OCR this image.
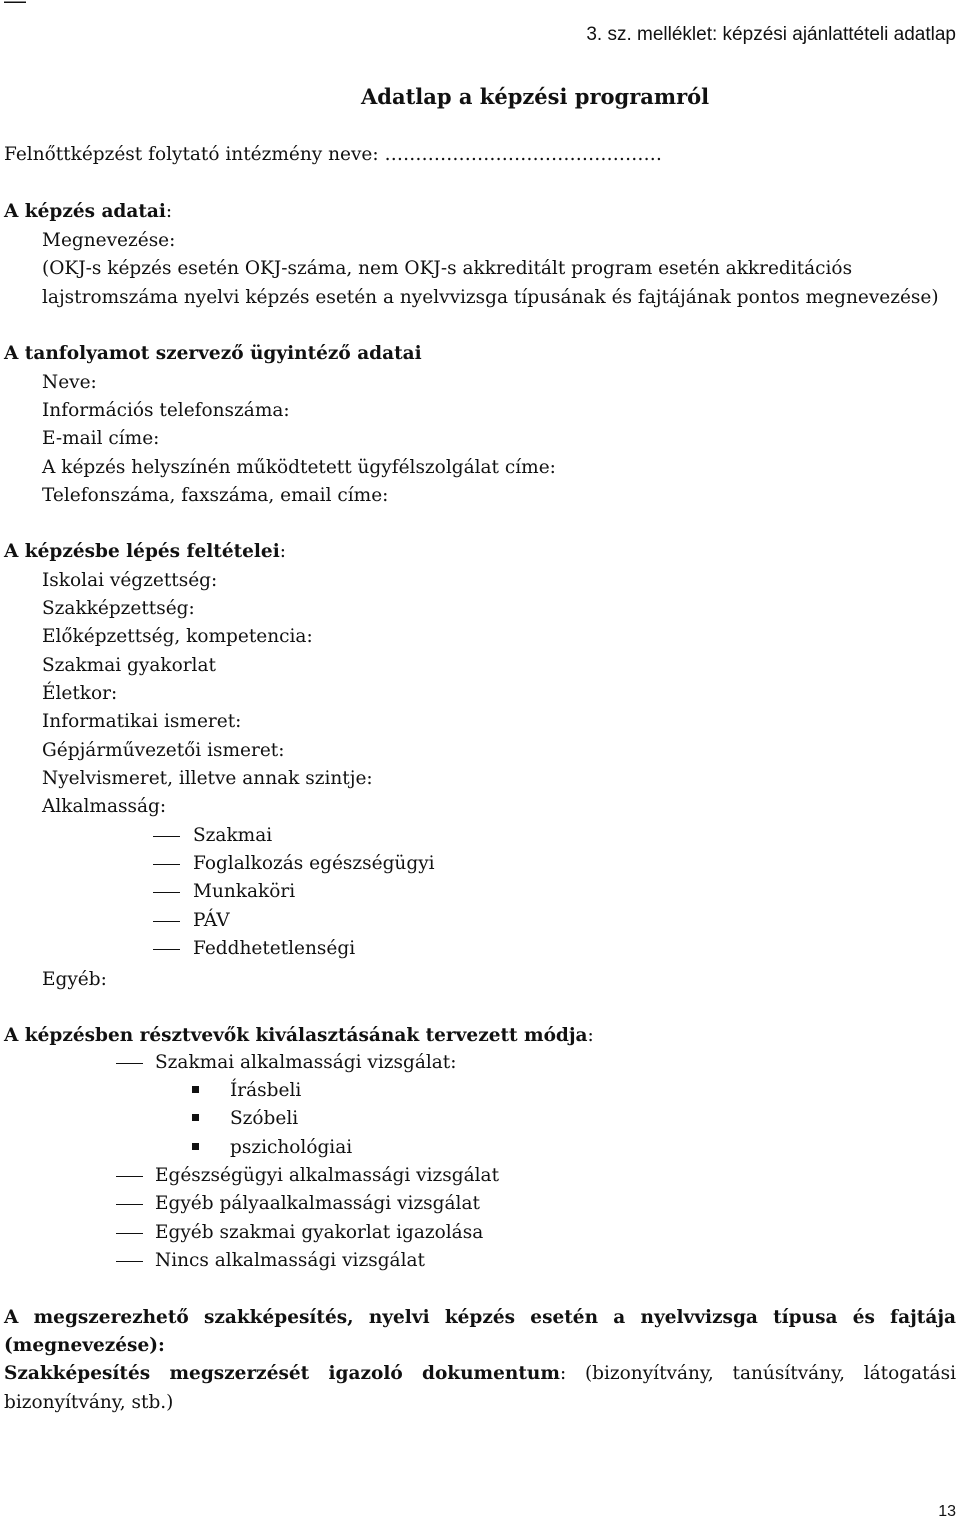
—
3. sz. melléklet: képzési ajánlattételi adatlap
Adatlap a képzési programról
Felnőttképzést folytató intézmény neve: ………………………………………
A képzés adatai:
Megnevezése:
(OKJ-s képzés esetén OKJ-száma, nem OKJ-s akkreditált program esetén akkreditációs
lajstromszáma nyelvi képzés esetén a nyelvvizsga típusának és fajtájának pontos megnevezése)
A tanfolyamot szervező ügyintéző adatai
Neve:
Információs telefonszáma:
E-mail címe:
A képzés helyszínén működtetett ügyfélszolgálat címe:
Telefonszáma, faxszáma, email címe:
A képzésbe lépés feltételei:
Iskolai végzettség:
Szakképzettség:
Előképzettség, kompetencia:
Szakmai gyakorlat
Életkor:
Informatikai ismeret:
Gépjárművezetői ismeret:
Nyelvismeret, illetve annak szintje:
Alkalmasság:
Szakmai
Foglalkozás egészségügyi
Munkaköri
PÁV
Feddhetetlenségi
Egyéb:
A képzésben résztvevők kiválasztásának tervezett módja:
Szakmai alkalmassági vizsgálat:
Írásbeli
Szóbeli
pszichológiai
Egészségügyi alkalmassági vizsgálat
Egyéb pályaalkalmassági vizsgálat
Egyéb szakmai gyakorlat igazolása
Nincs alkalmassági vizsgálat
A megszerezhető szakképesítés, nyelvi képzés esetén a nyelvvizsga típusa és fajtája
(megnevezése):
Szakképesítés megszerzését igazoló dokumentum: (bizonyítvány, tanúsítvány, látogatási
bizonyítvány, stb.)
13
